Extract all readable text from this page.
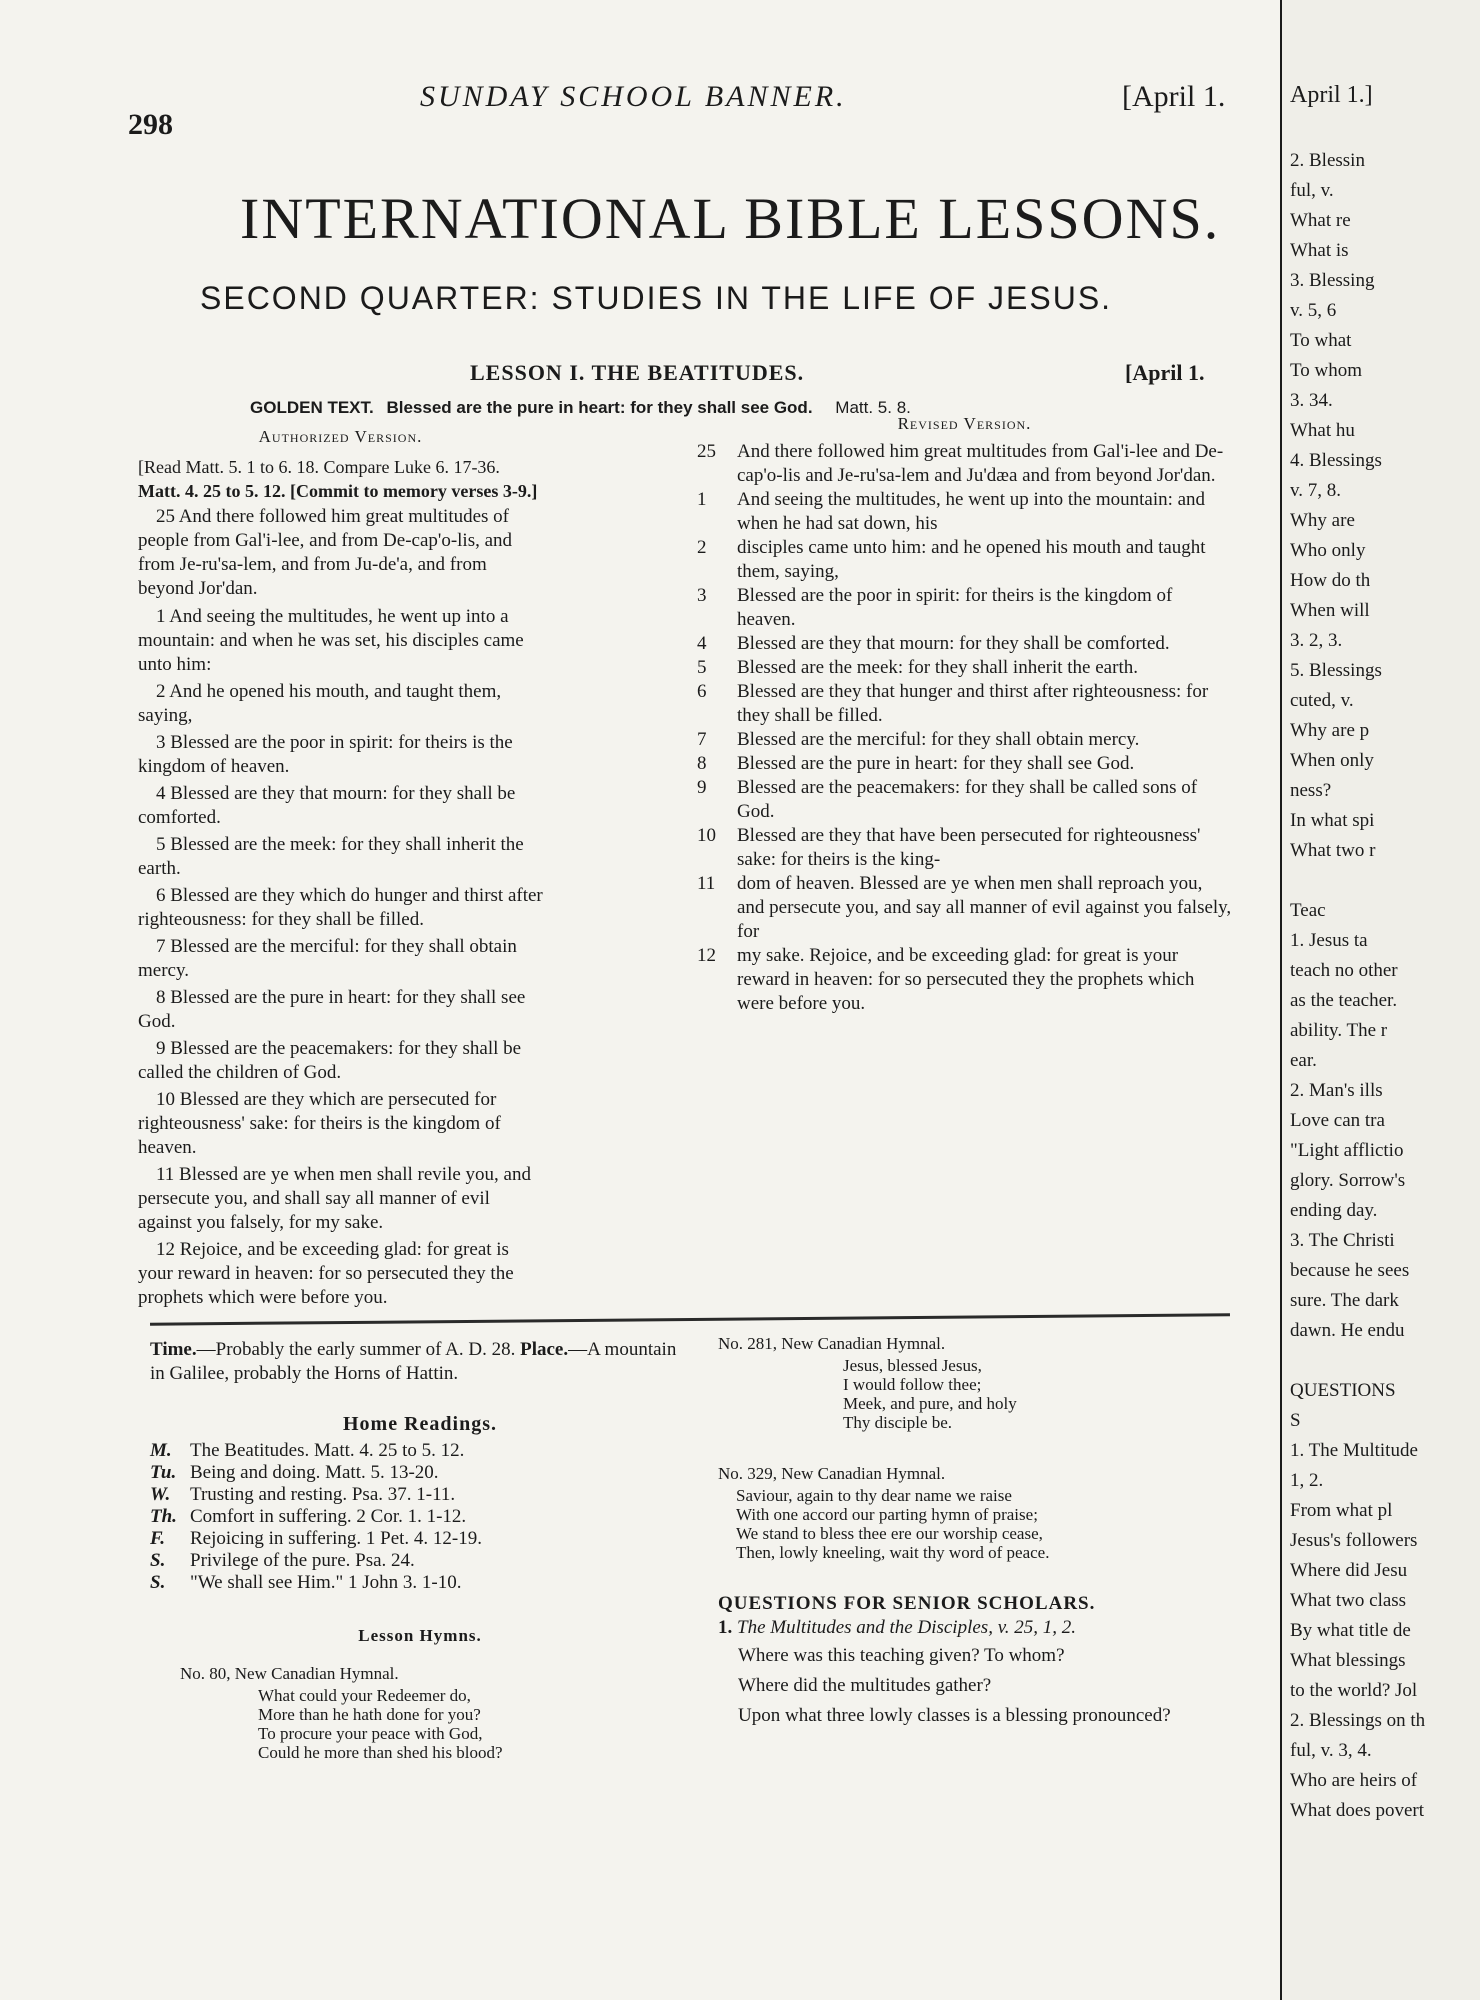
298
SUNDAY SCHOOL BANNER.	[April 1.
INTERNATIONAL BIBLE LESSONS.
SECOND QUARTER: STUDIES IN THE LIFE OF JESUS.
LESSON I. THE BEATITUDES.	[April 1.
GOLDEN TEXT. Blessed are the pure in heart: for they shall see God. Matt. 5. 8.
Authorized Version.

[Read Matt. 5. 1 to 6. 18. Compare Luke 6. 17-36.

Matt. 4. 25 to 5. 12. [Commit to memory verses 3-9.]

25 And there followed him great multitudes of people from Gal'i-lee, and from De-cap'o-lis, and from Je-ru'sa-lem, and from Ju-de'a, and from beyond Jor'dan.

1 And seeing the multitudes, he went up into a mountain: and when he was set, his disciples came unto him:

2 And he opened his mouth, and taught them, saying,

3 Blessed are the poor in spirit: for theirs is the kingdom of heaven.

4 Blessed are they that mourn: for they shall be comforted.

5 Blessed are the meek: for they shall inherit the earth.

6 Blessed are they which do hunger and thirst after righteousness: for they shall be filled.

7 Blessed are the merciful: for they shall obtain mercy.

8 Blessed are the pure in heart: for they shall see God.

9 Blessed are the peacemakers: for they shall be called the children of God.

10 Blessed are they which are persecuted for righteousness' sake: for theirs is the kingdom of heaven.

11 Blessed are ye when men shall revile you, and persecute you, and shall say all manner of evil against you falsely, for my sake.

12 Rejoice, and be exceeding glad: for great is your reward in heaven: for so persecuted they the prophets which were before you.

Revised Version.
25	And there followed him great multitudes from Gal'i-lee and De-cap'o-lis and Je-ru'sa-lem and Ju'dæa and from beyond Jor'dan.
1	And seeing the multitudes, he went up into the mountain: and when he had sat down, his
2	disciples came unto him: and he opened his mouth and taught them, saying,
3	Blessed are the poor in spirit: for theirs is the kingdom of heaven.
4	Blessed are they that mourn: for they shall be comforted.
5	Blessed are the meek: for they shall inherit the earth.
6	Blessed are they that hunger and thirst after righteousness: for they shall be filled.
7	Blessed are the merciful: for they shall obtain mercy.
8	Blessed are the pure in heart: for they shall see God.
9	Blessed are the peacemakers: for they shall be called sons of God.
10	Blessed are they that have been persecuted for righteousness' sake: for theirs is the king-
11	dom of heaven. Blessed are ye when men shall reproach you, and persecute you, and say all manner of evil against you falsely, for
12	my sake. Rejoice, and be exceeding glad: for great is your reward in heaven: for so persecuted they the prophets which were before you.

Time.—Probably the early summer of A. D. 28. Place.—A mountain in Galilee, probably the Horns of Hattin.

Home Readings.
M. The Beatitudes. Matt. 4. 25 to 5. 12.
Tu. Being and doing. Matt. 5. 13-20.
W.	Trusting and resting. Psa. 37. 1-11.
Th. Comfort in suffering. 2 Cor. 1. 1-12.
F.	Rejoicing in suffering. 1 Pet. 4. 12-19.
S.	Privilege of the pure. Psa. 24.
S.	"We shall see Him." 1 John 3. 1-10.
Lesson Hymns.

No. 80, New Canadian Hymnal.

What could your Redeemer do,
More than he hath done for you?
To procure your peace with God,
Could he more than shed his blood?

No. 281, New Canadian Hymnal.

Jesus, blessed Jesus,
I would follow thee;
Meek, and pure, and holy
Thy disciple be.

No. 329, New Canadian Hymnal.

Saviour, again to thy dear name we raise
With one accord our parting hymn of praise;
We stand to bless thee ere our worship cease,
Then, lowly kneeling, wait thy word of peace.
QUESTIONS FOR SENIOR SCHOLARS.

1. The Multitudes and the Disciples, v. 25, 1, 2.

Where was this teaching given? To whom?

Where did the multitudes gather?

Upon what three lowly classes is a blessing pronounced?

April 1.]
2. Blessin
ful, v.
What re
What is
3. Blessing
v. 5, 6
To what
To whom
3. 34.
What hu
4. Blessings
v. 7, 8.
Why are
Who only
How do th
When will
3. 2, 3.
5. Blessings
cuted, v.
Why are p
When only
ness?
In what spi
What two r
Teac
1. Jesus ta
teach no other
as the teacher.
ability. The r
ear.
2. Man's ills
Love can tra
"Light afflictio
glory. Sorrow's
ending day.
3. The Christi
because he sees
sure. The dark
dawn. He endu
QUESTIONS
S
1. The Multitude
1, 2.
From what pl
Jesus's followers
Where did Jesu
What two class
By what title de
What blessings
to the world? Jol
2. Blessings on th
ful, v. 3, 4.
Who are heirs of
What does povert
